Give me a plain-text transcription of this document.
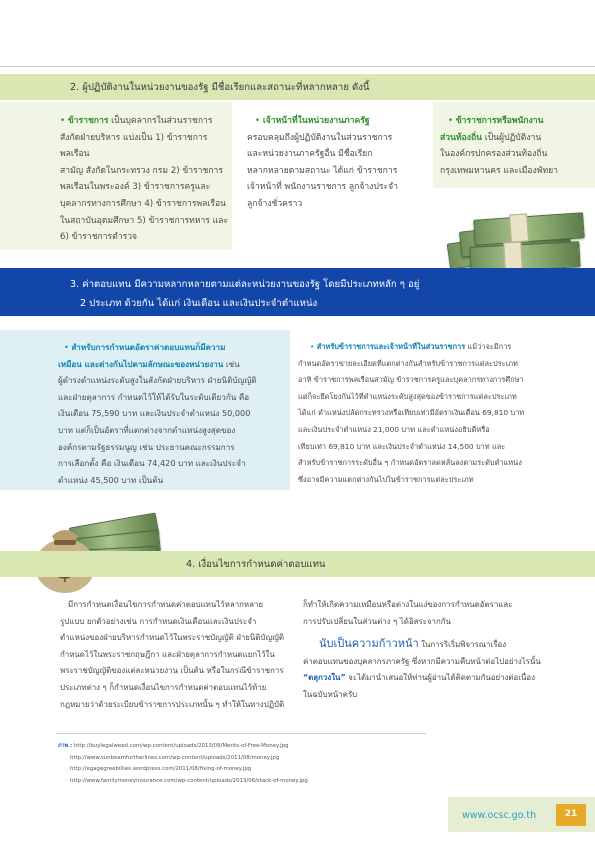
2. ผู้ปฏิบัติงานในหน่วยงานของรัฐ มีชื่อเรียกและสถานะที่หลากหลาย ดังนี้
• ข้าราชการ เป็นบุคลากรในส่วนราชการ
สังกัดฝ่ายบริหาร แบ่งเป็น 1) ข้าราชการพลเรือน
สามัญ สังกัดในกระทรวง กรม 2) ข้าราชการ
พลเรือนในพระองค์ 3) ข้าราชการครูและ
บุคลากรทางการศึกษา 4) ข้าราชการพลเรือน
ในสถาบันอุดมศึกษา 5) ข้าราชการทหาร และ
6) ข้าราชการตำรวจ
• เจ้าหน้าที่ในหน่วยงานภาครัฐ
ครอบคลุมถึงผู้ปฏิบัติงานในส่วนราชการ
และหน่วยงานภาครัฐอื่น มีชื่อเรียก
หลากหลายตามสถานะ ได้แก่ ข้าราชการ
เจ้าหน้าที่ พนักงานราชการ ลูกจ้างประจำ
ลูกจ้างชั่วคราว
• ข้าราชการหรือพนักงาน
ส่วนท้องถิ่น เป็นผู้ปฏิบัติงาน
ในองค์กรปกครองส่วนท้องถิ่น
กรุงเทพมหานคร และเมืองพัทยา
3. ค่าตอบแทน มีความหลากหลายตามแต่ละหน่วยงานของรัฐ โดยมีประเภทหลัก ๆ อยู่
2 ประเภท ด้วยกัน ได้แก่ เงินเดือน และเงินประจำตำแหน่ง
• สำหรับการกำหนดอัตราค่าตอบแทนก็มีความ
เหมือน และต่างกันไปตามลักษณะของหน่วยงาน เช่น
ผู้ดำรงตำแหน่งระดับสูงในสังกัดฝ่ายบริหาร ฝ่ายนิติบัญญัติ
และฝ่ายตุลาการ กำหนดไว้ให้ได้รับในระดับเดียวกัน คือ
เงินเดือน 75,590 บาท และเงินประจำตำแหน่ง 50,000
บาท แต่ก็เป็นอัตราที่แตกต่างจากตำแหน่งสูงสุดของ
องค์กรตามรัฐธรรมนูญ เช่น ประธานคณะกรรมการ
การเลือกตั้ง คือ เงินเดือน 74,420 บาท และเงินประจำ
ตำแหน่ง 45,500 บาท เป็นต้น
• สำหรับข้าราชการและเจ้าหน้าที่ในส่วนราชการ แม้ว่าจะมีการ
กำหนดอัตราขายละเอียดที่แตกต่างกันสำหรับข้าราชการแต่ละประเภท
อาทิ ข้าราชการพลเรือนสามัญ ข้าราชการครูและบุคลากรทางการศึกษา
แต่ก็จะยึดโยงกันไว้ที่ตำแหน่งระดับสูงสุดของข้าราชการแต่ละประเภท
ได้แก่ ตำแหน่งปลัดกระทรวงหรือเทียบเท่ามีอัตราเงินเดือน 69,810 บาท
และเงินประจำตำแหน่ง 21,000 บาท และตำแหน่งอธิบดีหรือ
เทียบเท่า 69,810 บาท และเงินประจำตำแหน่ง 14,500 บาท และ
สำหรับข้าราชการระดับอื่น ๆ กำหนดอัตราลดหลั่นลงตามระดับตำแหน่ง
ซึ่งอาจมีความแตกต่างกันไปในข้าราชการแต่ละประเภท
4. เงื่อนไขการกำหนดค่าตอบแทน
มีการกำหนดเงื่อนไขการกำหนดค่าตอบแทนไว้หลากหลาย
รูปแบบ ยกตัวอย่างเช่น การกำหนดเงินเดือนและเงินประจำ
ตำแหน่งของฝ่ายบริหารกำหนดไว้ในพระราชบัญญัติ ฝ่ายนิติบัญญัติ
กำหนดไว้ในพระราชกฤษฎีกา และฝ่ายตุลาการกำหนดแยกไว้ใน
พระราชบัญญัติของแต่ละหน่วยงาน เป็นต้น หรือในกรณีข้าราชการ
ประเภทต่าง ๆ ก็กำหนดเงื่อนไขการกำหนดค่าตอบแทนไว้ท้าย
กฎหมายว่าด้วยระเบียบข้าราชการประเภทนั้น ๆ ทำให้ในทางปฏิบัติ
ก็ทำให้เกิดความเหมือนหรือต่างในแง่ของการกำหนดอัตราและ
การปรับเปลี่ยนในส่วนต่าง ๆ ได้อิสระจากกัน
นับเป็นความก้าวหน้า ในการริเริ่มพิจารณาเรื่อง
ค่าตอบแทนของบุคลากรภาครัฐ ซึ่งหากมีความคืบหน้าต่อไปอย่างไรนั้น
“ตลุกวงใน” จะได้มานำเสนอให้ท่านผู้อ่านได้ติดตามกันอย่างต่อเนื่อง
ในฉบับหน้าครับ
ภาพ : http://buylegalweed.com/wp-content/uploads/2013/09/Merits-of-Free-Money.jpg
http://www.sunbeamfurtherlines.com/wp-content/uploads/2011/08/money.jpg
http://egagegreebillies.wordpress.com/2011/08/fixing-of-money.jpg
http://www.familymoneyinsurance.com/wp-content/uploads/2013/06/stack-of-money.jpg
www.ocsc.go.th	21
